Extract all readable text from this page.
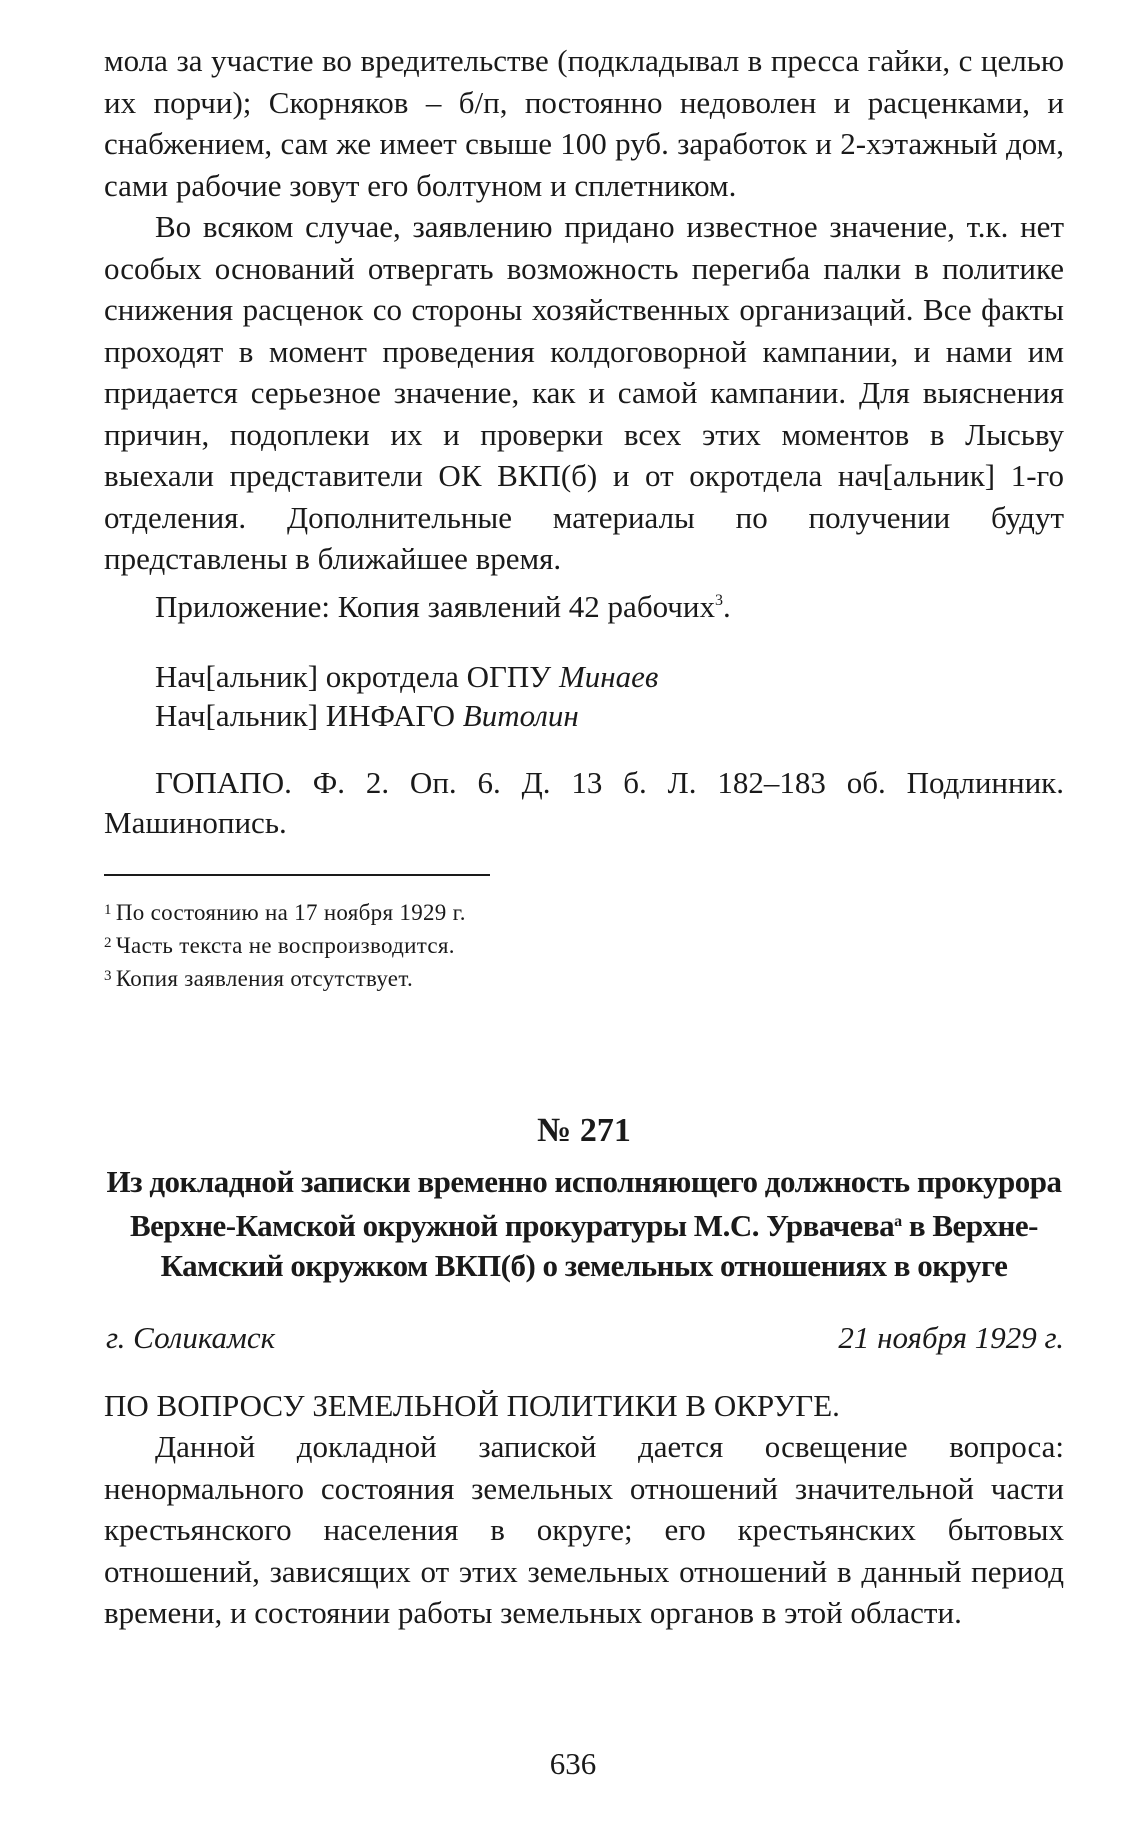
мола за участие во вредительстве (подкладывал в пресса гайки, с целью их порчи); Скорняков – б/п, постоянно недоволен и расценками, и снабжением, сам же имеет свыше 100 руб. заработок и 2-хэтажный дом, сами рабочие зовут его болтуном и сплетником.

Во всяком случае, заявлению придано известное значение, т.к. нет особых оснований отвергать возможность перегиба палки в политике снижения расценок со стороны хозяйственных организаций. Все факты проходят в момент проведения колдоговорной кампании, и нами им придается серьезное значение, как и самой кампании. Для выяснения причин, подоплеки их и проверки всех этих моментов в Лысьву выехали представители ОК ВКП(б) и от окротдела нач[альник] 1-го отделения. Дополнительные материалы по получении будут представлены в ближайшее время.

Приложение: Копия заявлений 42 рабочих$^3$.

Нач[альник] окротдела ОГПУ Минаев

Нач[альник] ИНФАГО Витолин

ГОПАПО. Ф. 2. Оп. 6. Д. 13 б. Л. 182–183 об. Подлинник. Машинопись.

$^1$ По состоянию на 17 ноября 1929 г.

$^2$ Часть текста не воспроизводится.

$^3$ Копия заявления отсутствует.

№ 271
Из докладной записки временно исполняющего должность прокурора Верхне-Камской окружной прокуратуры М.С. Урвачева$^а$ в Верхне-Камский окружком ВКП(б) о земельных отношениях в округе
г. Соликамск	21 ноября 1929 г.

ПО ВОПРОСУ ЗЕМЕЛЬНОЙ ПОЛИТИКИ В ОКРУГЕ.

Данной докладной запиской дается освещение вопроса: ненормального состояния земельных отношений значительной части крестьянского населения в округе; его крестьянских бытовых отношений, зависящих от этих земельных отношений в данный период времени, и состоянии работы земельных органов в этой области.

636
